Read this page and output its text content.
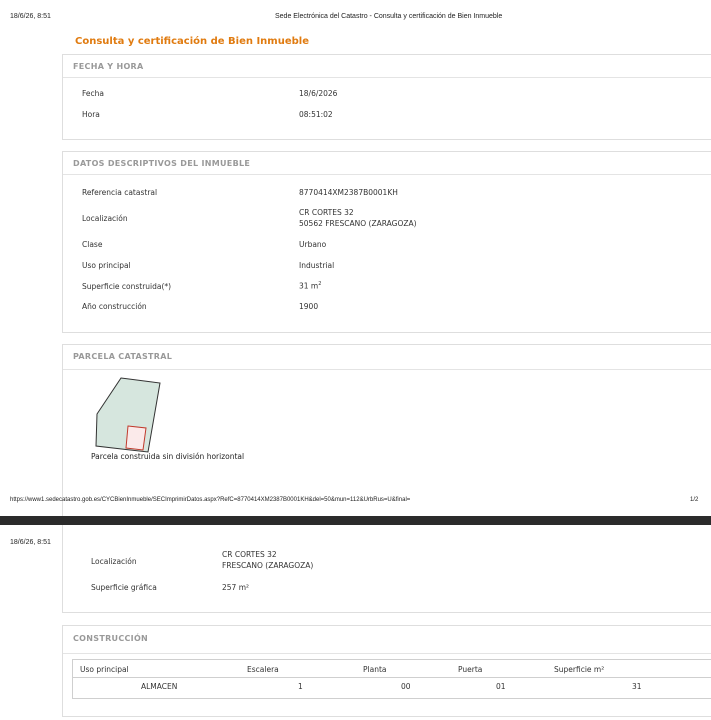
18/6/26, 8:51	Sede Electrónica del Catastro - Consulta y certificación de Bien Inmueble
Consulta y certificación de Bien Inmueble
FECHA Y HORA
Fecha	18/6/2026
Hora	08:51:02
DATOS DESCRIPTIVOS DEL INMUEBLE
Referencia catastral	8770414XM2387B0001KH
Localización
CR CORTES 32
50562 FRESCANO (ZARAGOZA)
Clase	Urbano
Uso principal	Industrial
Superficie construida(*)	31 $m^2$
Año construcción	1900
PARCELA CATASTRAL
Parcela construida sin división horizontal
https://www1.sedecatastro.gob.es/CYCBienInmueble/SECImprimirDatos.aspx?RefC=8770414XM2387B0001KH&del=50&mun=112&UrbRus=U&final=	1/2
18/6/26, 8:51
Localización
CR CORTES 32
FRESCANO (ZARAGOZA)
Superficie gráfica	257 m²
CONSTRUCCIÓN
Uso principal	Escalera	Planta	Puerta	Superficie m²
ALMACEN	1	00	01	31
